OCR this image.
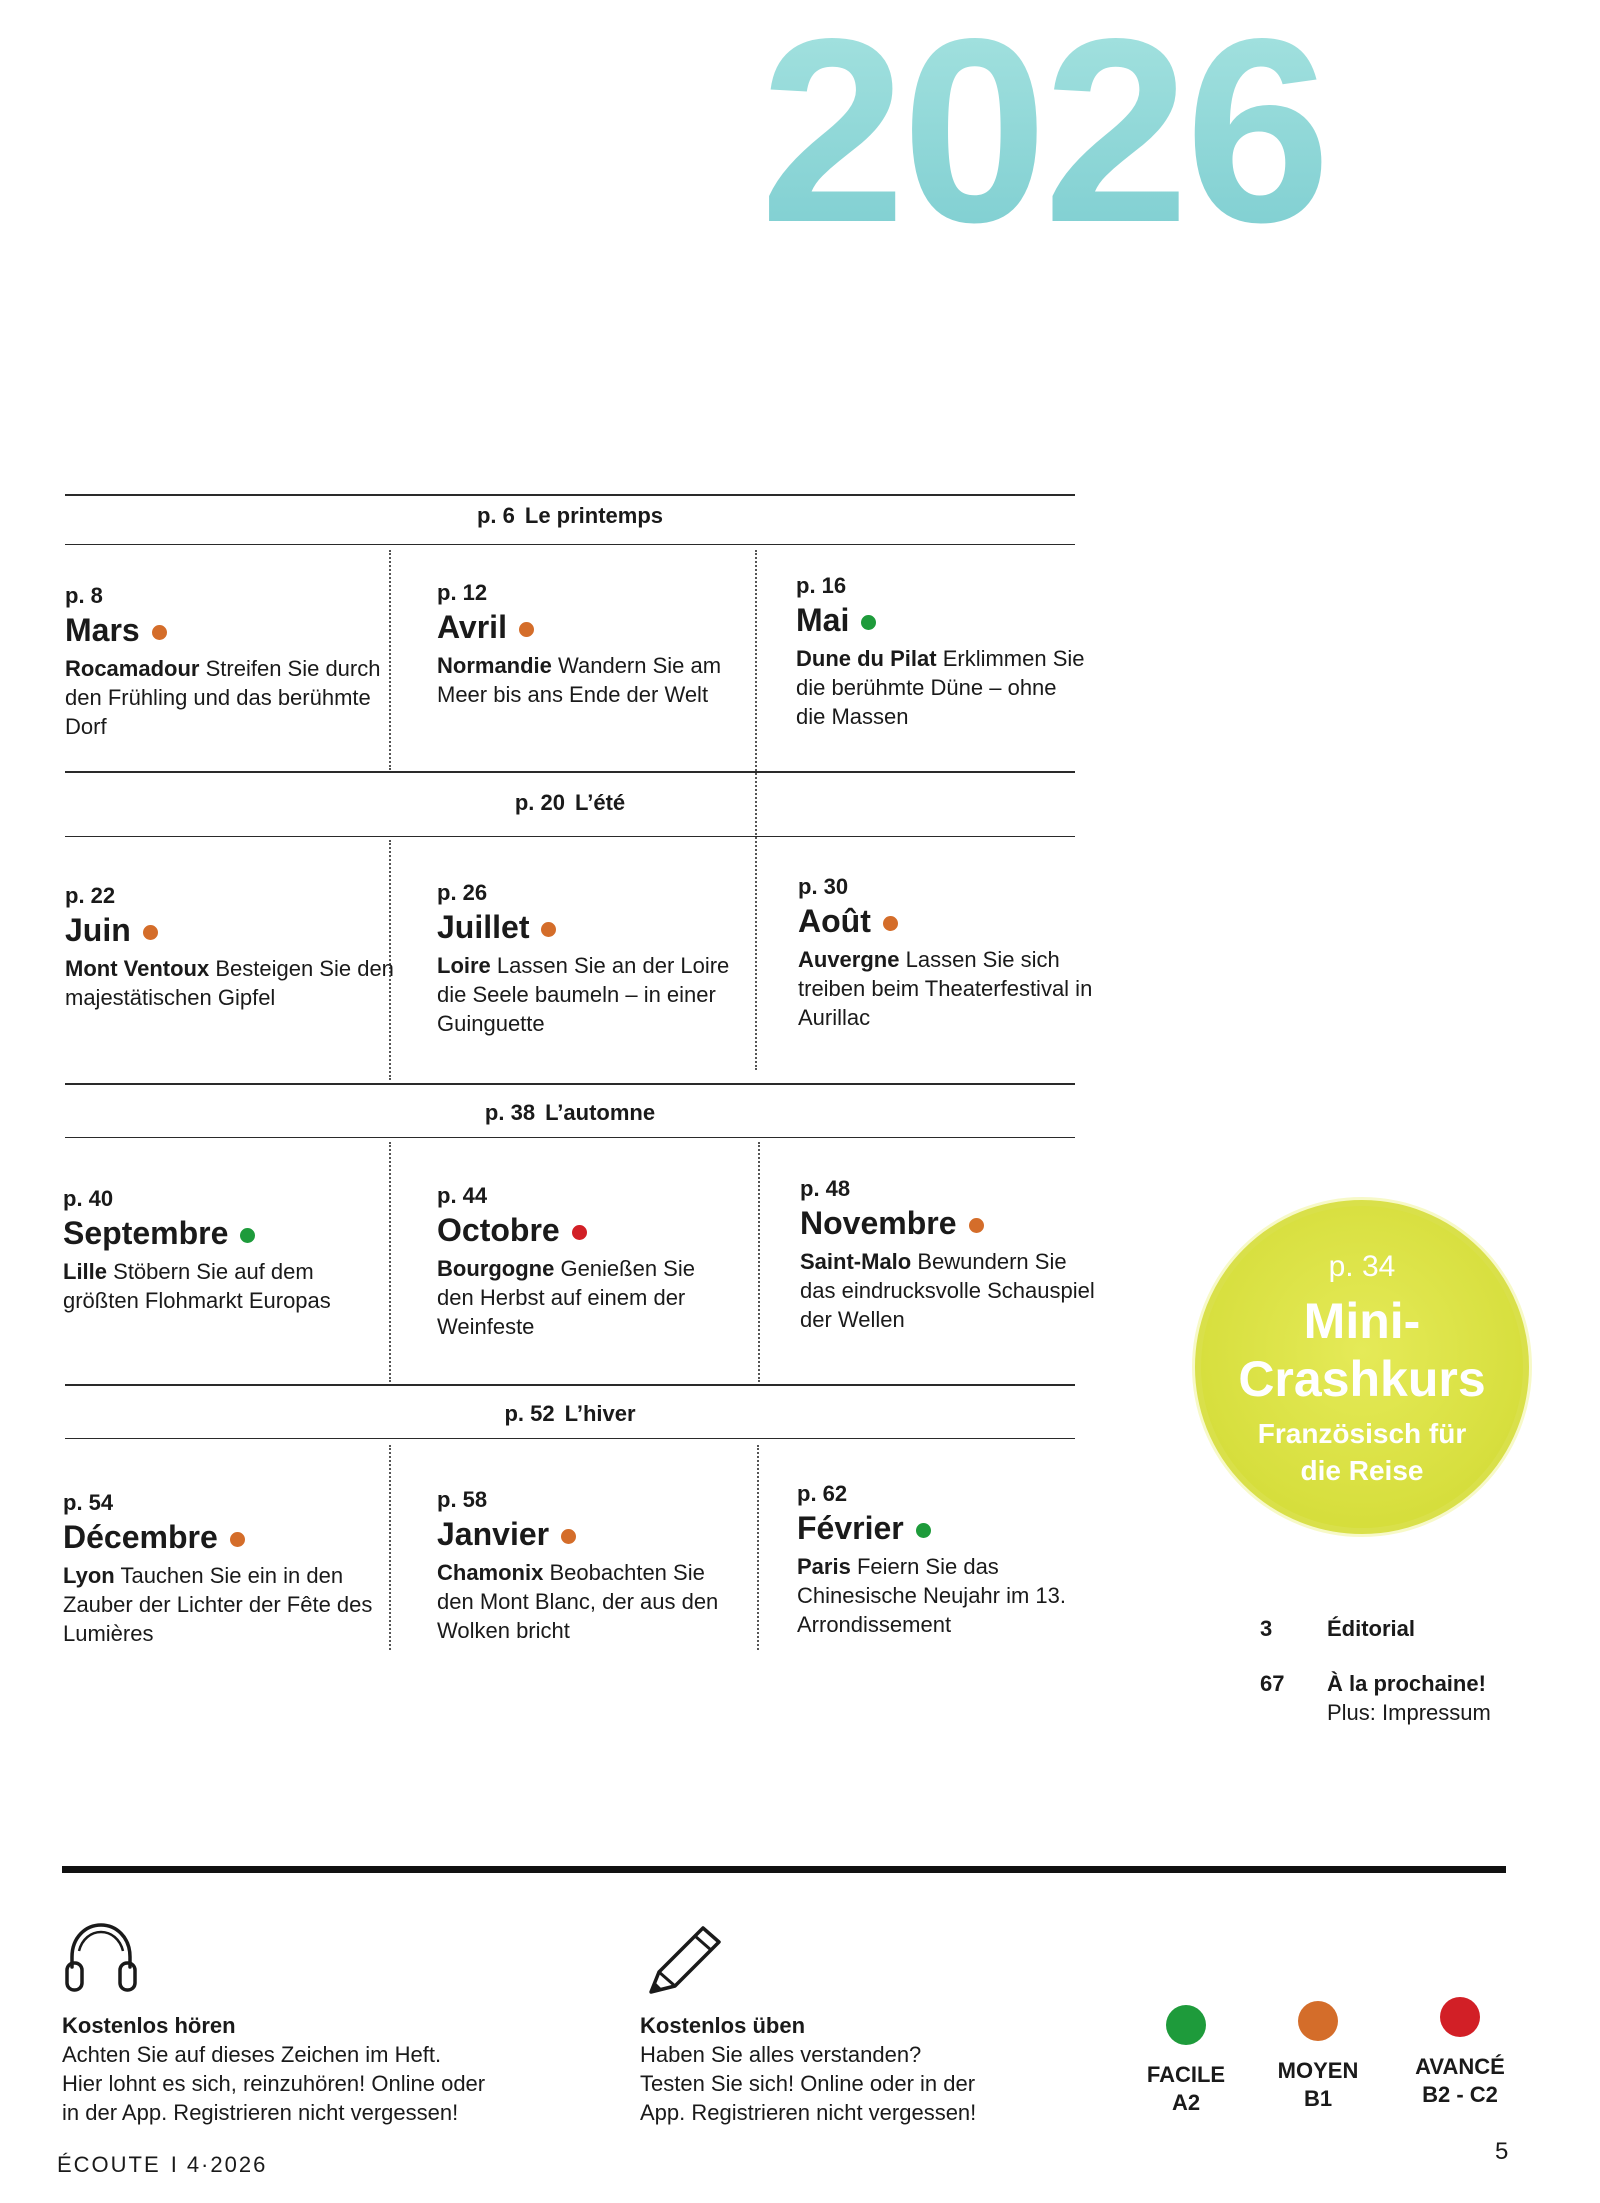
2026
p. 6 Le printemps
p. 20 L’été
p. 38 L’automne
p. 52 L’hiver
p. 8
Mars
Rocamadour Streifen Sie durch den Frühling und das berühmte Dorf
p. 12
Avril
Normandie Wandern Sie am Meer bis ans Ende der Welt
p. 16
Mai
Dune du Pilat Erklimmen Sie die berühmte Düne – ohne die Massen
p. 22
Juin
Mont Ventoux Besteigen Sie den majestätischen Gipfel
p. 26
Juillet
Loire Lassen Sie an der Loire die Seele baumeln – in einer Guinguette
p. 30
Août
Auvergne Lassen Sie sich treiben beim Theaterfestival in Aurillac
p. 40
Septembre
Lille Stöbern Sie auf dem größten Flohmarkt Europas
p. 44
Octobre
Bourgogne Genießen Sie den Herbst auf einem der Weinfeste
p. 48
Novembre
Saint-Malo Bewundern Sie das eindrucksvolle Schauspiel der Wellen
p. 54
Décembre
Lyon Tauchen Sie ein in den Zauber der Lichter der Fête des Lumières
p. 58
Janvier
Chamonix Beobachten Sie den Mont Blanc, der aus den Wolken bricht
p. 62
Février
Paris Feiern Sie das Chinesische Neujahr im 13. Arrondissement
p. 34
Mini-
Crashkurs
Französisch für
die Reise
3 Éditorial
67 À la prochaine!
Plus: Impressum
Kostenlos hören
Achten Sie auf dieses Zeichen im Heft.
Hier lohnt es sich, reinzuhören! Online oder
in der App. Registrieren nicht vergessen!
Kostenlos üben
Haben Sie alles verstanden?
Testen Sie sich! Online oder in der
App. Registrieren nicht vergessen!
FACILE
A2
MOYEN
B1
AVANCÉ
B2 - C2
ÉCOUTE I 4·2026	5
